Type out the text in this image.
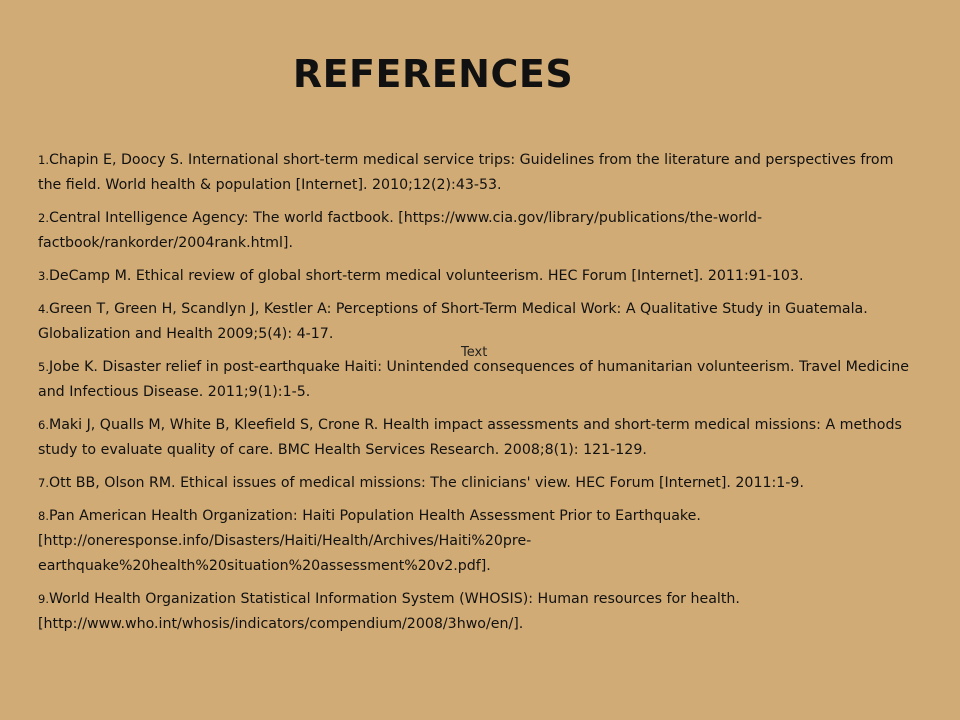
REFERENCES

1.Chapin E, Doocy S. International short-term medical service trips: Guidelines from the literature and perspectives from the field. World health & population [Internet]. 2010;12(2):43-53.

2.Central Intelligence Agency: The world factbook. [https://www.cia.gov/library/publications/the-world-factbook/rankorder/2004rank.html].

3.DeCamp M. Ethical review of global short-term medical volunteerism. HEC Forum [Internet]. 2011:91-103.

4.Green T, Green H, Scandlyn J, Kestler A: Perceptions of Short-Term Medical Work: A Qualitative Study in Guatemala. Globalization and Health 2009;5(4): 4-17.

5.Jobe K. Disaster relief in post-earthquake Haiti: Unintended consequences of humanitarian volunteerism. Travel Medicine and Infectious Disease. 2011;9(1):1-5.

6.Maki J, Qualls M, White B, Kleefield S, Crone R. Health impact assessments and short-term medical missions: A methods study to evaluate quality of care. BMC Health Services Research. 2008;8(1): 121-129.

7.Ott BB, Olson RM. Ethical issues of medical missions: The clinicians' view. HEC Forum [Internet]. 2011:1-9.

8.Pan American Health Organization: Haiti Population Health Assessment Prior to Earthquake. [http://oneresponse.info/Disasters/Haiti/Health/Archives/Haiti%20pre-earthquake%20health%20situation%20assessment%20v2.pdf].

9.World Health Organization Statistical Information System (WHOSIS): Human resources for health. [http://www.who.int/whosis/indicators/compendium/2008/3hwo/en/].

Text
